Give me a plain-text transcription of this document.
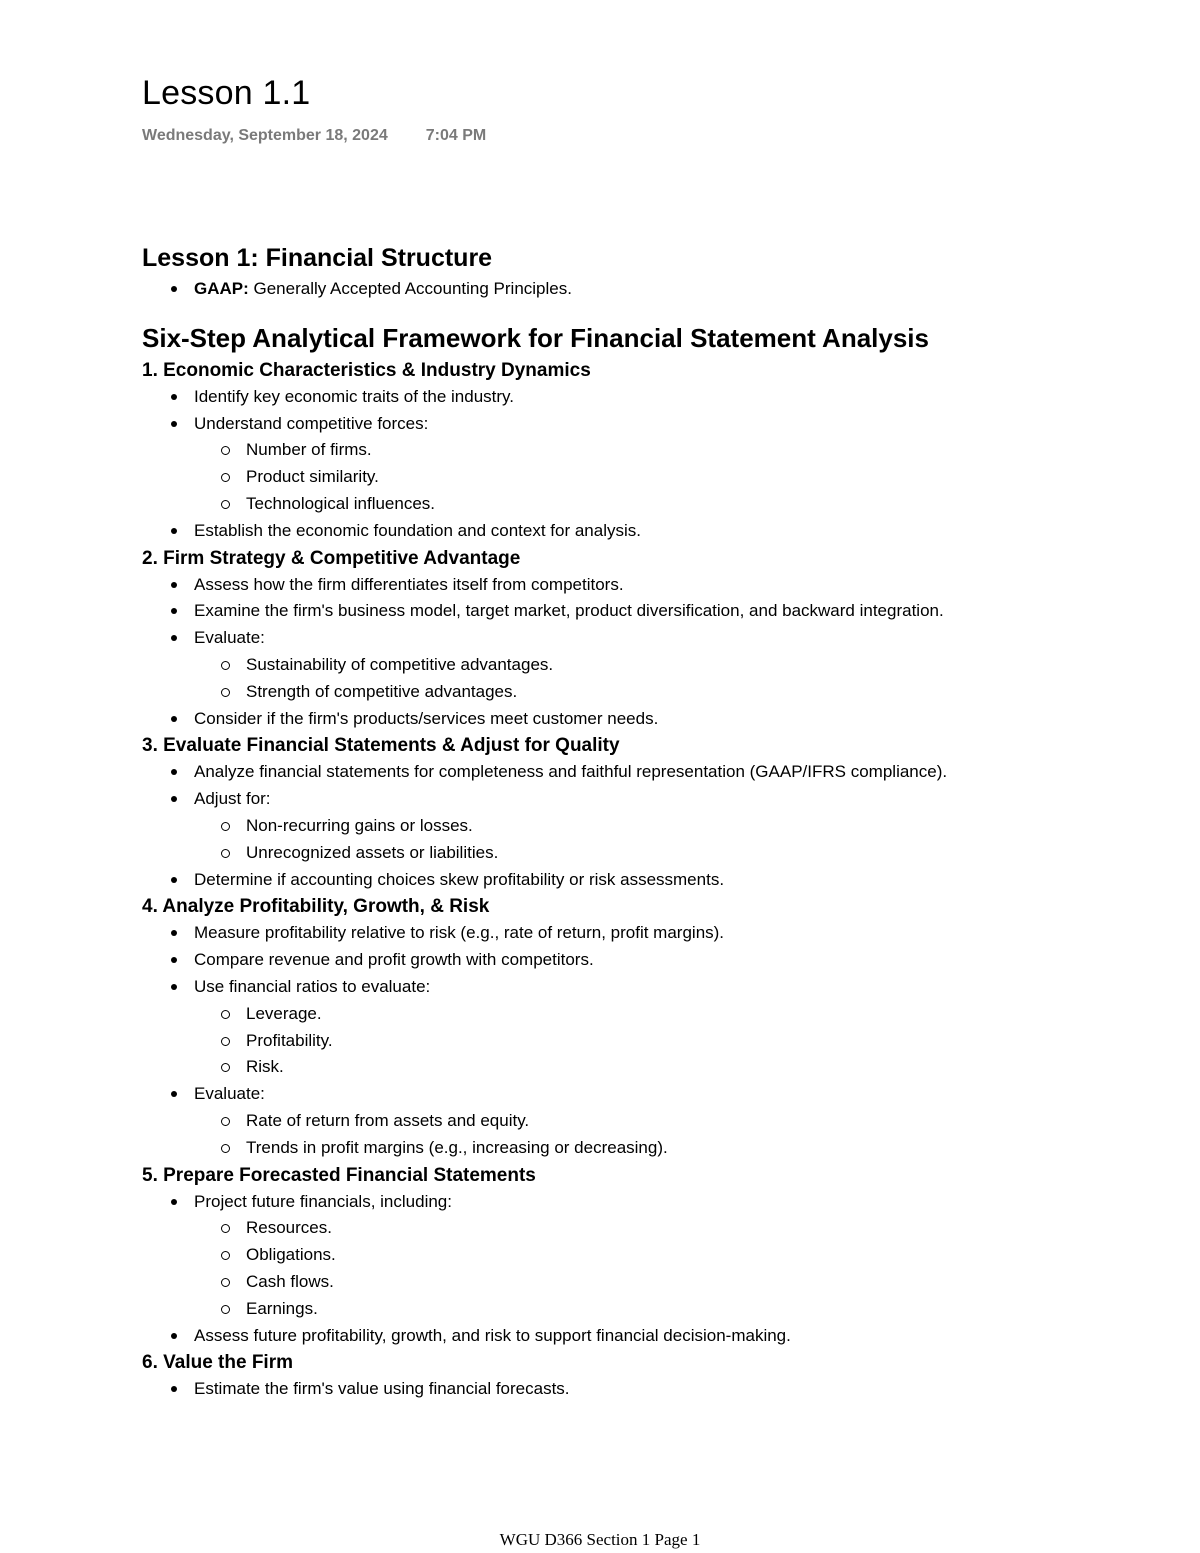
Lesson 1.1
Wednesday, September 18, 2024 7:04 PM
Lesson 1: Financial Structure
GAAP: Generally Accepted Accounting Principles.
Six-Step Analytical Framework for Financial Statement Analysis
1. Economic Characteristics & Industry Dynamics
Identify key economic traits of the industry.
Understand competitive forces:
Number of firms.
Product similarity.
Technological influences.
Establish the economic foundation and context for analysis.
2. Firm Strategy & Competitive Advantage
Assess how the firm differentiates itself from competitors.
Examine the firm's business model, target market, product diversification, and backward integration.
Evaluate:
Sustainability of competitive advantages.
Strength of competitive advantages.
Consider if the firm's products/services meet customer needs.
3. Evaluate Financial Statements & Adjust for Quality
Analyze financial statements for completeness and faithful representation (GAAP/IFRS compliance).
Adjust for:
Non-recurring gains or losses.
Unrecognized assets or liabilities.
Determine if accounting choices skew profitability or risk assessments.
4. Analyze Profitability, Growth, & Risk
Measure profitability relative to risk (e.g., rate of return, profit margins).
Compare revenue and profit growth with competitors.
Use financial ratios to evaluate:
Leverage.
Profitability.
Risk.
Evaluate:
Rate of return from assets and equity.
Trends in profit margins (e.g., increasing or decreasing).
5. Prepare Forecasted Financial Statements
Project future financials, including:
Resources.
Obligations.
Cash flows.
Earnings.
Assess future profitability, growth, and risk to support financial decision-making.
6. Value the Firm
Estimate the firm's value using financial forecasts.
WGU D366 Section 1 Page 1
